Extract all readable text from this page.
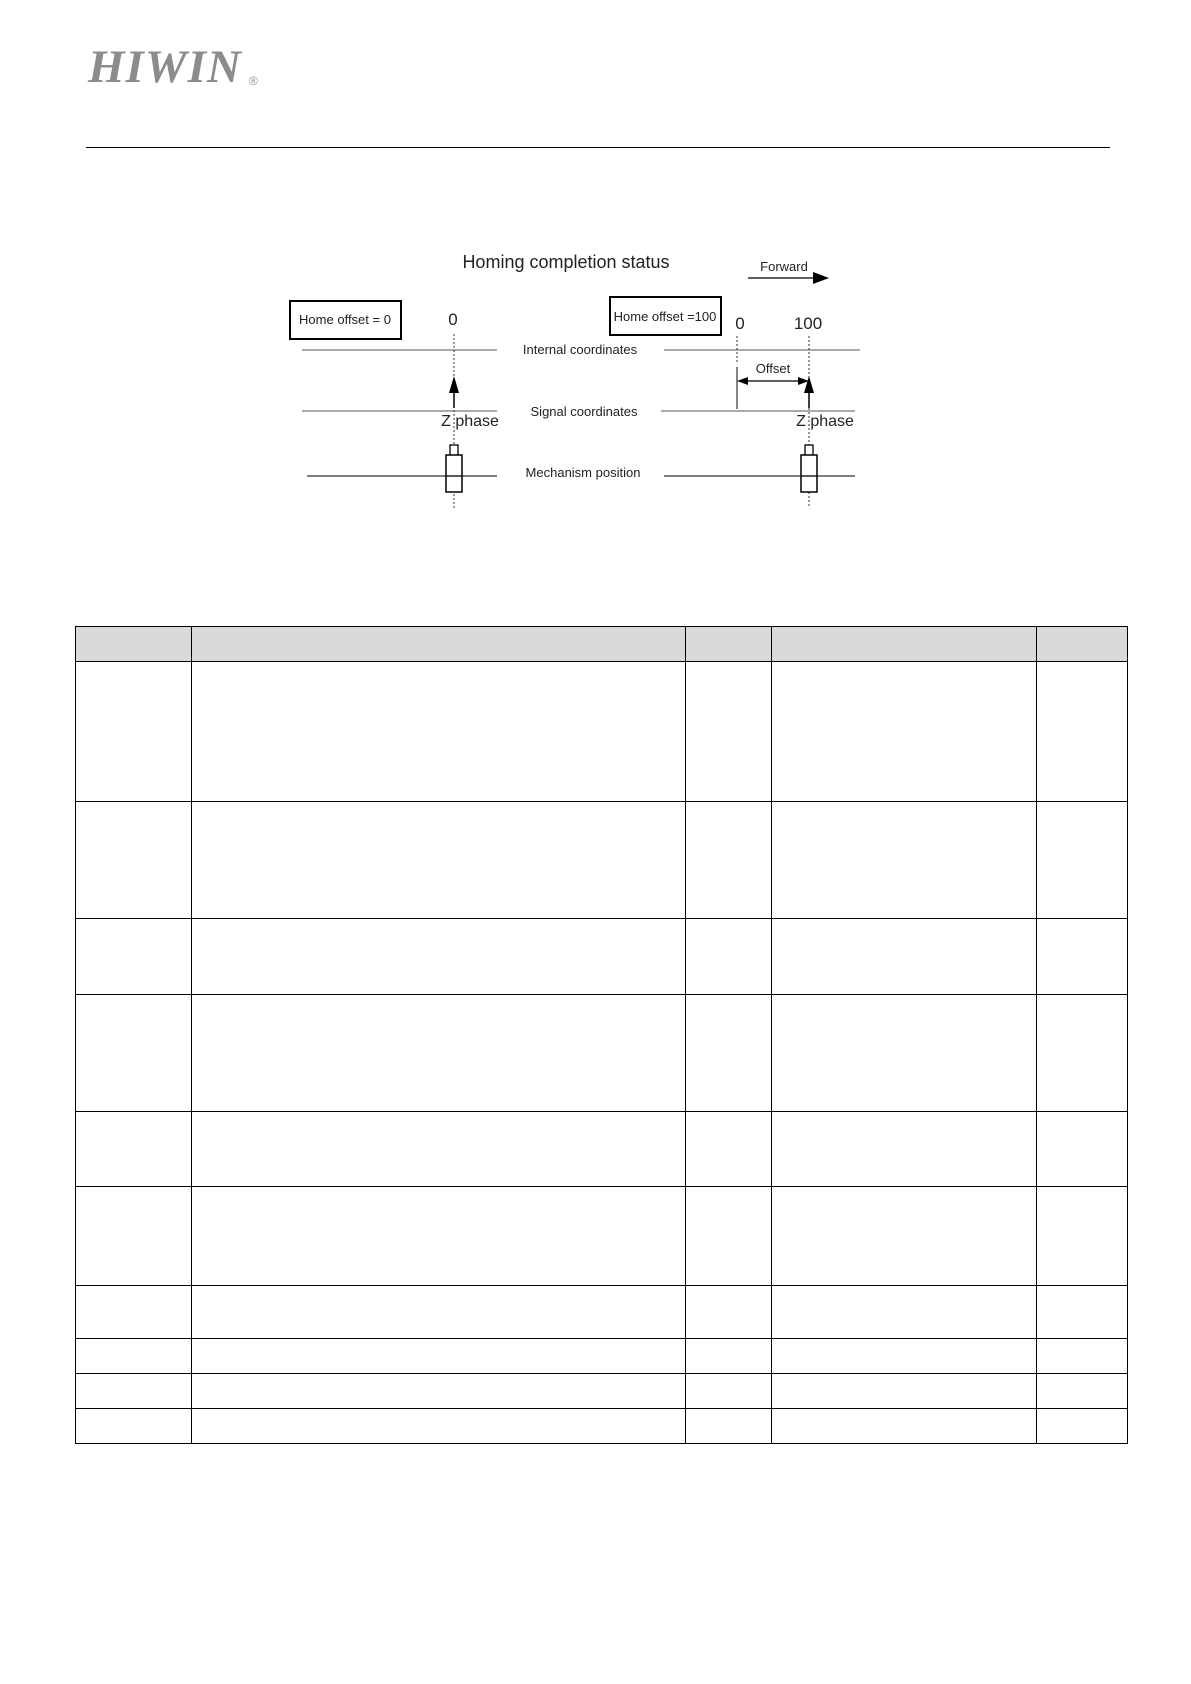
HIWIN ®
Homing completion status	Forward
Home offset = 0	0
Z phase
Internal coordinates
Signal coordinates
Mechanism position
Home offset =100 0	100
Offset
Z phase
